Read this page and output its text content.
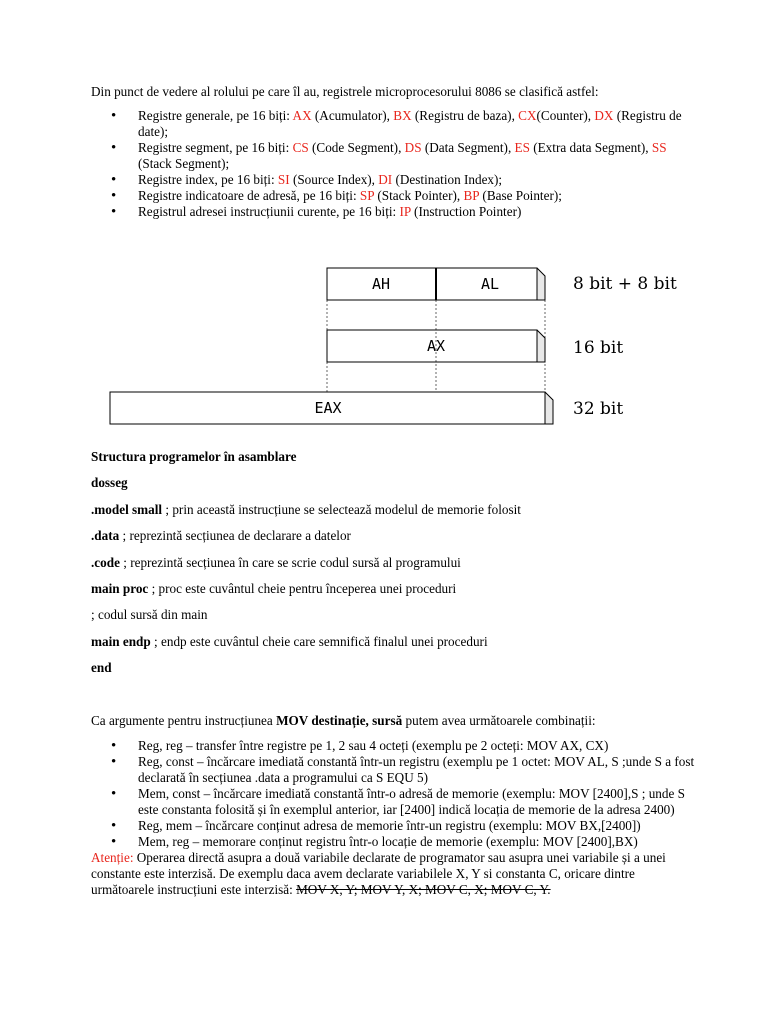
Din punct de vedere al rolului pe care îl au, registrele microprocesorului 8086 se clasifică astfel:

• Registre generale, pe 16 biți: AX (Acumulator), BX (Registru de baza), CX(Counter), DX (Registru de date);
• Registre segment, pe 16 biți: CS (Code Segment), DS (Data Segment), ES (Extra data Segment), SS (Stack Segment);
• Registre index, pe 16 biți: SI (Source Index), DI (Destination Index);
• Registre indicatoare de adresă, pe 16 biți: SP (Stack Pointer), BP (Base Pointer);
• Registrul adresei instrucțiunii curente, pe 16 biți: IP (Instruction Pointer)
AH	AL
AX
EAX
8 bit + 8 bit
16 bit
32 bit

Structura programelor în asamblare

dosseg

.model small ; prin această instrucțiune se selectează modelul de memorie folosit

.data ; reprezintă secțiunea de declarare a datelor

.code ; reprezintă secțiunea în care se scrie codul sursă al programului

main proc ; proc este cuvântul cheie pentru începerea unei proceduri

; codul sursă din main

main endp ; endp este cuvântul cheie care semnifică finalul unei proceduri

end

Ca argumente pentru instrucțiunea MOV destinație, sursă putem avea următoarele combinații:

• Reg, reg – transfer între registre pe 1, 2 sau 4 octeți (exemplu pe 2 octeți: MOV AX, CX)
• Reg, const – încărcare imediată constantă într-un registru (exemplu pe 1 octet: MOV AL, S ;unde S a fost declarată în secțiunea .data a programului ca S EQU 5)
• Mem, const – încărcare imediată constantă într-o adresă de memorie (exemplu: MOV [2400],S ; unde S este constanta folosită și în exemplul anterior, iar [2400] indică locația de memorie de la adresa 2400)
• Reg, mem – încărcare conținut adresa de memorie într-un registru (exemplu: MOV BX,[2400])
• Mem, reg – memorare conținut registru într-o locație de memorie (exemplu: MOV [2400],BX)

Atenție: Operarea directă asupra a două variabile declarate de programator sau asupra unei variabile și a unei constante este interzisă. De exemplu daca avem declarate variabilele X, Y si constanta C, oricare dintre următoarele instrucțiuni este interzisă: MOV X, Y; MOV Y, X; MOV C, X; MOV C, Y.
